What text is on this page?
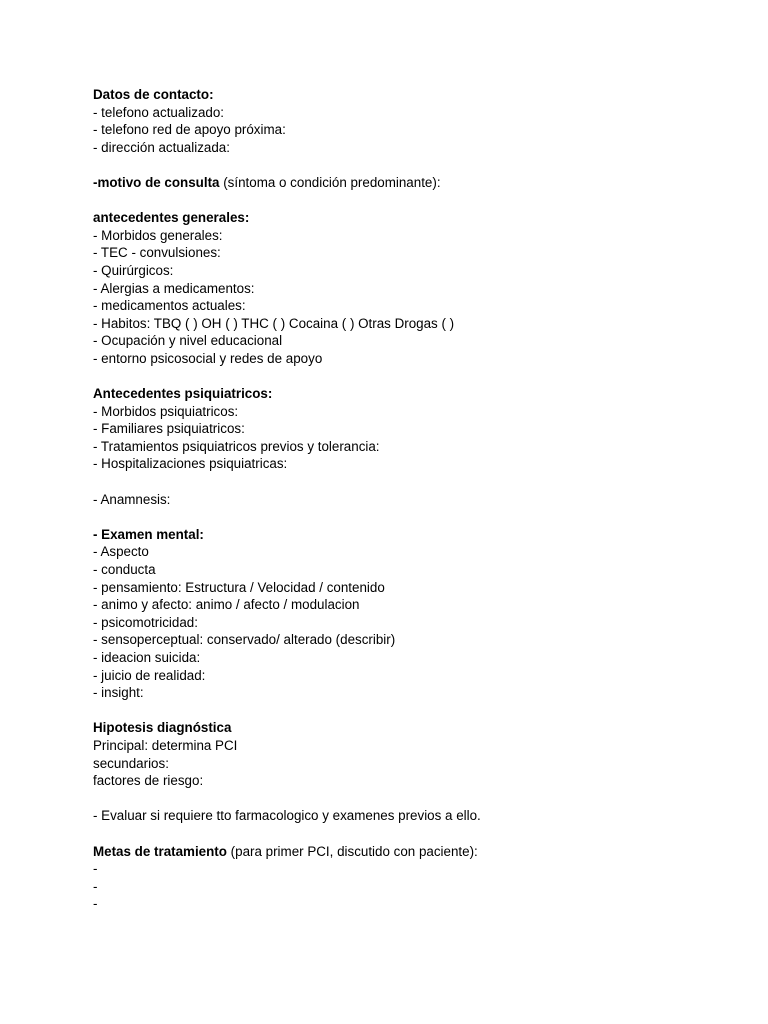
Datos de contacto:
- telefono actualizado:
- telefono red de apoyo próxima:
- dirección actualizada:
-motivo de consulta (síntoma o condición predominante):
antecedentes generales:
- Morbidos generales:
- TEC - convulsiones:
- Quirúrgicos:
- Alergias a medicamentos:
- medicamentos actuales:
- Habitos: TBQ ( ) OH ( ) THC ( ) Cocaina ( ) Otras Drogas ( )
- Ocupación y nivel educacional
- entorno psicosocial y redes de apoyo
Antecedentes psiquiatricos:
- Morbidos psiquiatricos:
- Familiares psiquiatricos:
- Tratamientos psiquiatricos previos y tolerancia:
- Hospitalizaciones psiquiatricas:
- Anamnesis:
- Examen mental:
- Aspecto
- conducta
- pensamiento: Estructura / Velocidad / contenido
- animo y afecto: animo / afecto / modulacion
- psicomotricidad:
- sensoperceptual: conservado/ alterado (describir)
- ideacion suicida:
- juicio de realidad:
- insight:
Hipotesis diagnóstica
Principal: determina PCI
secundarios:
factores de riesgo:
- Evaluar si requiere tto farmacologico y examenes previos a ello.
Metas de tratamiento (para primer PCI, discutido con paciente):
-
-
-
